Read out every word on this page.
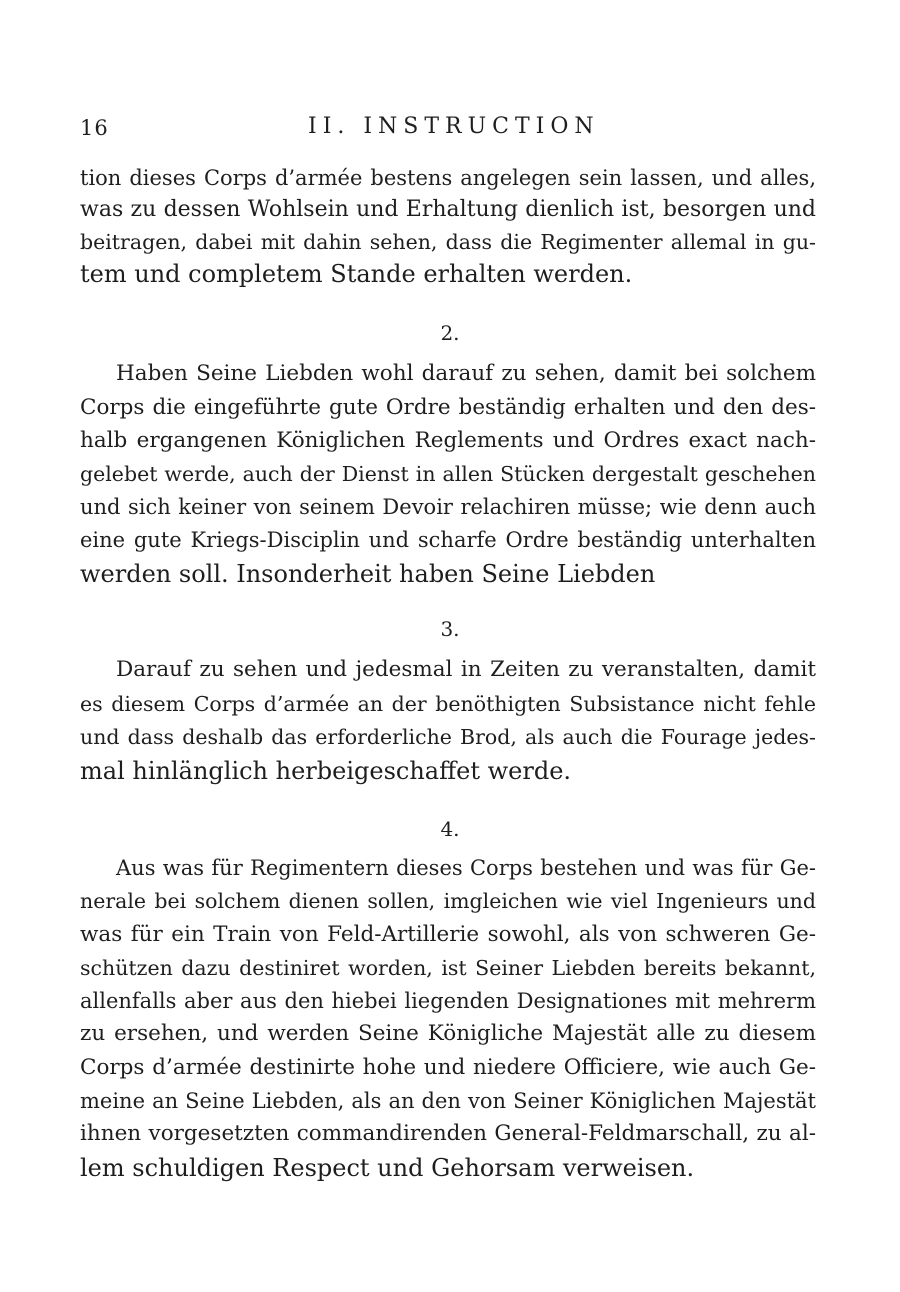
16	II. INSTRUCTION
tion dieses Corps d’armée bestens angelegen sein lassen, und alles,
was zu dessen Wohlsein und Erhaltung dienlich ist, besorgen und
beitragen, dabei mit dahin sehen, dass die Regimenter allemal in gu-
tem und completem Stande erhalten werden.
2.
Haben Seine Liebden wohl darauf zu sehen, damit bei solchem
Corps die eingeführte gute Ordre beständig erhalten und den des-
halb ergangenen Königlichen Reglements und Ordres exact nach-
gelebet werde, auch der Dienst in allen Stücken dergestalt geschehen
und sich keiner von seinem Devoir relachiren müsse; wie denn auch
eine gute Kriegs-Disciplin und scharfe Ordre beständig unterhalten
werden soll. Insonderheit haben Seine Liebden
3.
Darauf zu sehen und jedesmal in Zeiten zu veranstalten, damit
es diesem Corps d’armée an der benöthigten Subsistance nicht fehle
und dass deshalb das erforderliche Brod, als auch die Fourage jedes-
mal hinlänglich herbeigeschaffet werde.
4.
Aus was für Regimentern dieses Corps bestehen und was für Ge-
nerale bei solchem dienen sollen, imgleichen wie viel Ingenieurs und
was für ein Train von Feld-Artillerie sowohl, als von schweren Ge-
schützen dazu destiniret worden, ist Seiner Liebden bereits bekannt,
allenfalls aber aus den hiebei liegenden Designationes mit mehrerm
zu ersehen, und werden Seine Königliche Majestät alle zu diesem
Corps d’armée destinirte hohe und niedere Officiere, wie auch Ge-
meine an Seine Liebden, als an den von Seiner Königlichen Majestät
ihnen vorgesetzten commandirenden General-Feldmarschall, zu al-
lem schuldigen Respect und Gehorsam verweisen.
